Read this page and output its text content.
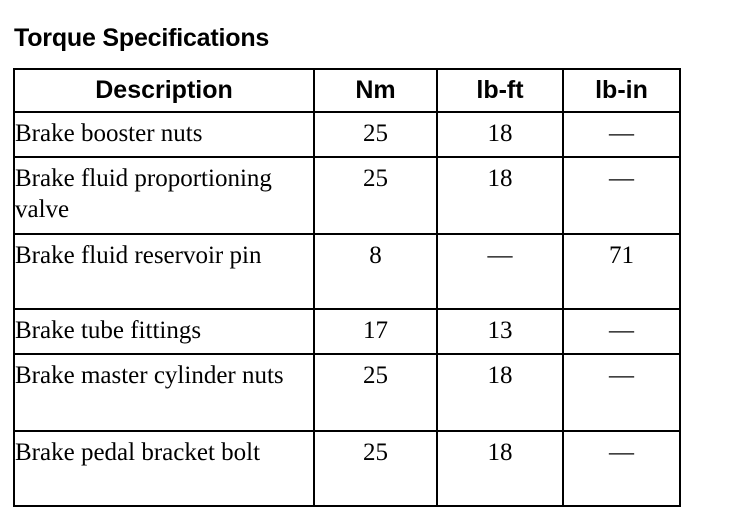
Torque Specifications
Description	Nm	lb-ft	lb-in
Brake booster nuts	25	18	—
Brake fluid proportioning valve	25	18	—
Brake fluid reservoir pin	8	—	71
Brake tube fittings	17	13	—
Brake master cylinder nuts	25	18	—
Brake pedal bracket bolt	25	18	—
